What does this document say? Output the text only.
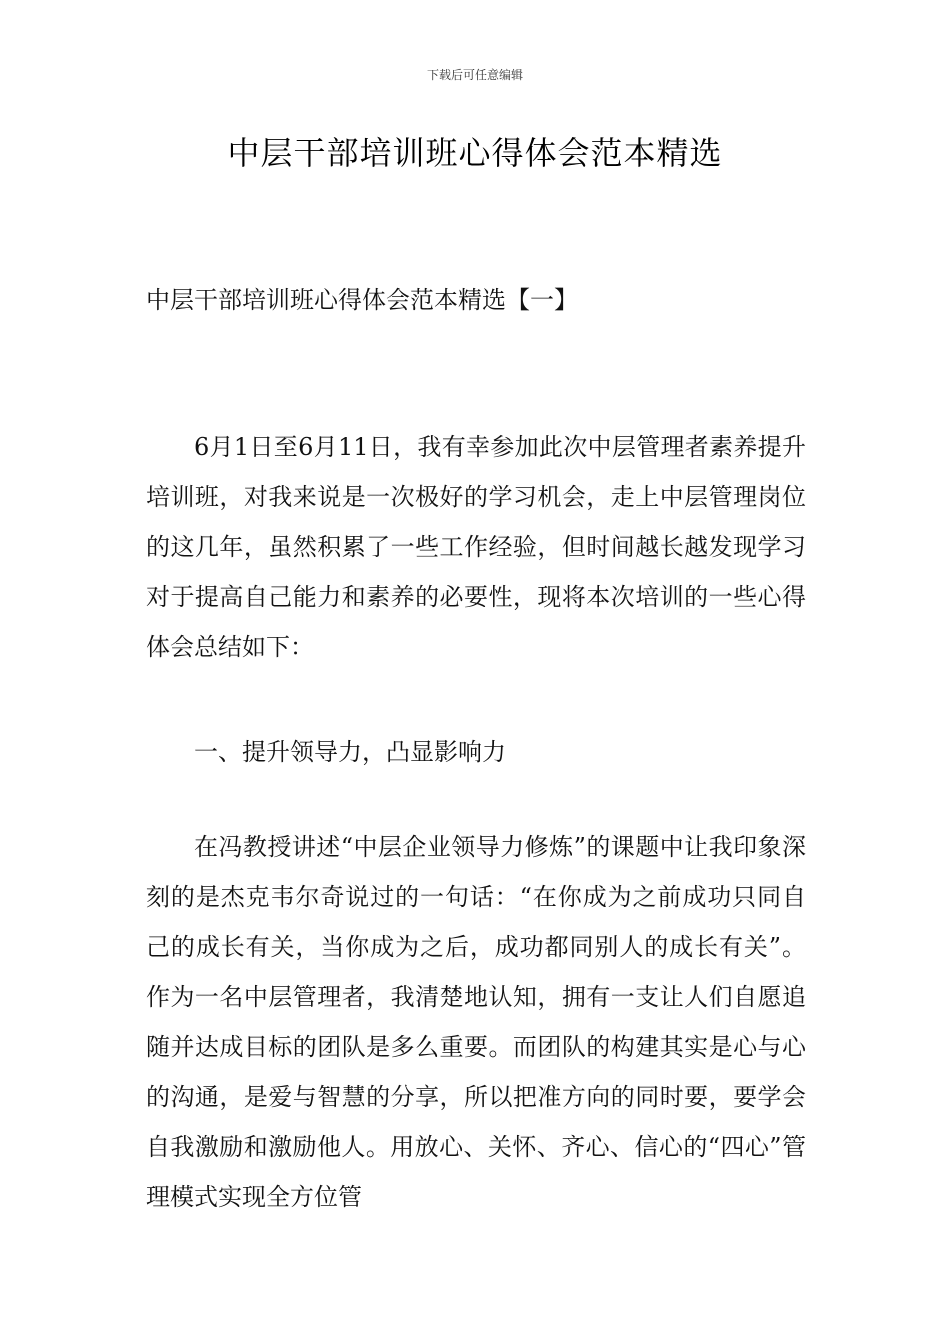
下载后可任意编辑
中层干部培训班心得体会范本精选
中层干部培训班心得体会范本精选【一】
6月1日至6月11日，我有幸参加此次中层管理者素养提升培训班，对我来说是一次极好的学习机会，走上中层管理岗位的这几年，虽然积累了一些工作经验，但时间越长越发现学习对于提高自己能力和素养的必要性，现将本次培训的一些心得体会总结如下：
一、提升领导力，凸显影响力
在冯教授讲述“中层企业领导力修炼”的课题中让我印象深刻的是杰克韦尔奇说过的一句话：“在你成为之前成功只同自己的成长有关，当你成为之后，成功都同别人的成长有关”。作为一名中层管理者，我清楚地认知，拥有一支让人们自愿追随并达成目标的团队是多么重要。而团队的构建其实是心与心的沟通，是爱与智慧的分享，所以把准方向的同时要，要学会自我激励和激励他人。用放心、关怀、齐心、信心的“四心”管理模式实现全方位管
